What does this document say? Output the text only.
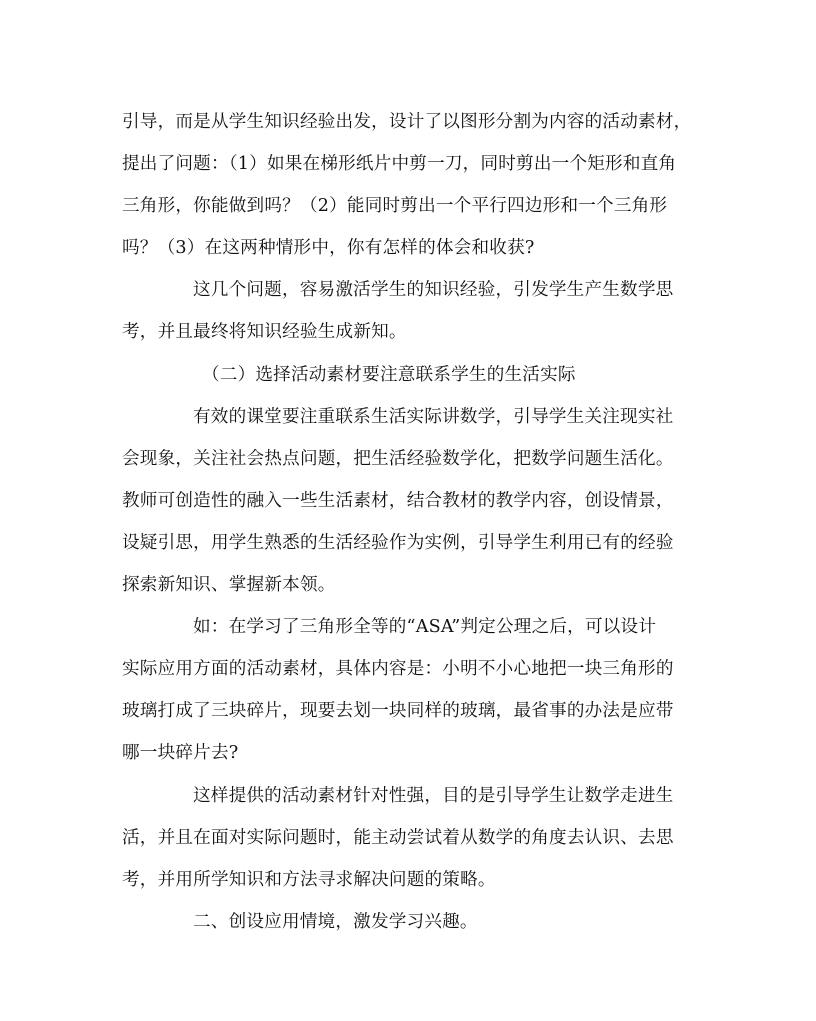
引导，而是从学生知识经验出发，设计了以图形分割为内容的活动素材，
提出了问题：（1）如果在梯形纸片中剪一刀，同时剪出一个矩形和直角
三角形，你能做到吗？（2）能同时剪出一个平行四边形和一个三角形
吗？（3）在这两种情形中，你有怎样的体会和收获?
这几个问题，容易激活学生的知识经验，引发学生产生数学思
考，并且最终将知识经验生成新知。
（二）选择活动素材要注意联系学生的生活实际
有效的课堂要注重联系生活实际讲数学，引导学生关注现实社
会现象，关注社会热点问题，把生活经验数学化，把数学问题生活化。
教师可创造性的融入一些生活素材，结合教材的教学内容，创设情景，
设疑引思，用学生熟悉的生活经验作为实例，引导学生利用已有的经验
探索新知识、掌握新本领。
如：在学习了三角形全等的“ASA”判定公理之后，可以设计
实际应用方面的活动素材，具体内容是：小明不小心地把一块三角形的
玻璃打成了三块碎片，现要去划一块同样的玻璃，最省事的办法是应带
哪一块碎片去?
这样提供的活动素材针对性强，目的是引导学生让数学走进生
活，并且在面对实际问题时，能主动尝试着从数学的角度去认识、去思
考，并用所学知识和方法寻求解决问题的策略。
二、创设应用情境，激发学习兴趣。
